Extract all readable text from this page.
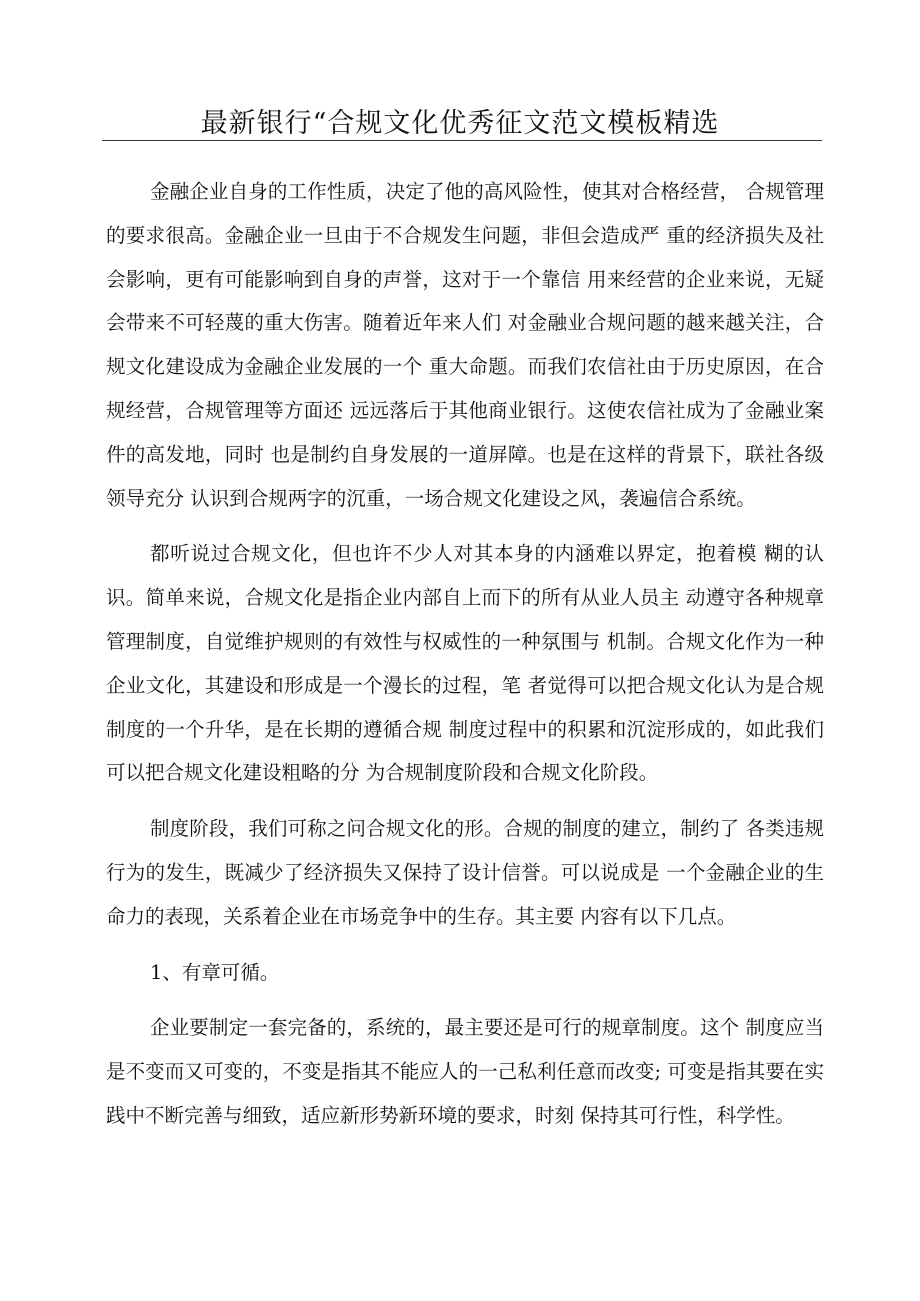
最新银行“合规文化优秀征文范文模板精选

金融企业自身的工作性质，决定了他的高风险性，使其对合格经营， 合规管理的要求很高。金融企业一旦由于不合规发生问题，非但会造成严 重的经济损失及社会影响，更有可能影响到自身的声誉，这对于一个靠信 用来经营的企业来说，无疑会带来不可轻蔑的重大伤害。随着近年来人们 对金融业合规问题的越来越关注，合规文化建设成为金融企业发展的一个 重大命题。而我们农信社由于历史原因，在合规经营，合规管理等方面还 远远落后于其他商业银行。这使农信社成为了金融业案件的高发地，同时 也是制约自身发展的一道屏障。也是在这样的背景下，联社各级领导充分 认识到合规两字的沉重，一场合规文化建设之风，袭遍信合系统。

都听说过合规文化，但也许不少人对其本身的内涵难以界定，抱着模 糊的认识。简单来说，合规文化是指企业内部自上而下的所有从业人员主 动遵守各种规章管理制度，自觉维护规则的有效性与权威性的一种氛围与 机制。合规文化作为一种企业文化，其建设和形成是一个漫长的过程，笔 者觉得可以把合规文化认为是合规制度的一个升华，是在长期的遵循合规 制度过程中的积累和沉淀形成的，如此我们可以把合规文化建设粗略的分 为合规制度阶段和合规文化阶段。

制度阶段，我们可称之问合规文化的形。合规的制度的建立，制约了 各类违规行为的发生，既减少了经济损失又保持了设计信誉。可以说成是 一个金融企业的生命力的表现，关系着企业在市场竞争中的生存。其主要 内容有以下几点。

1、有章可循。

企业要制定一套完备的，系统的，最主要还是可行的规章制度。这个 制度应当是不变而又可变的，不变是指其不能应人的一己私利任意而改变; 可变是指其要在实践中不断完善与细致，适应新形势新环境的要求，时刻 保持其可行性，科学性。
